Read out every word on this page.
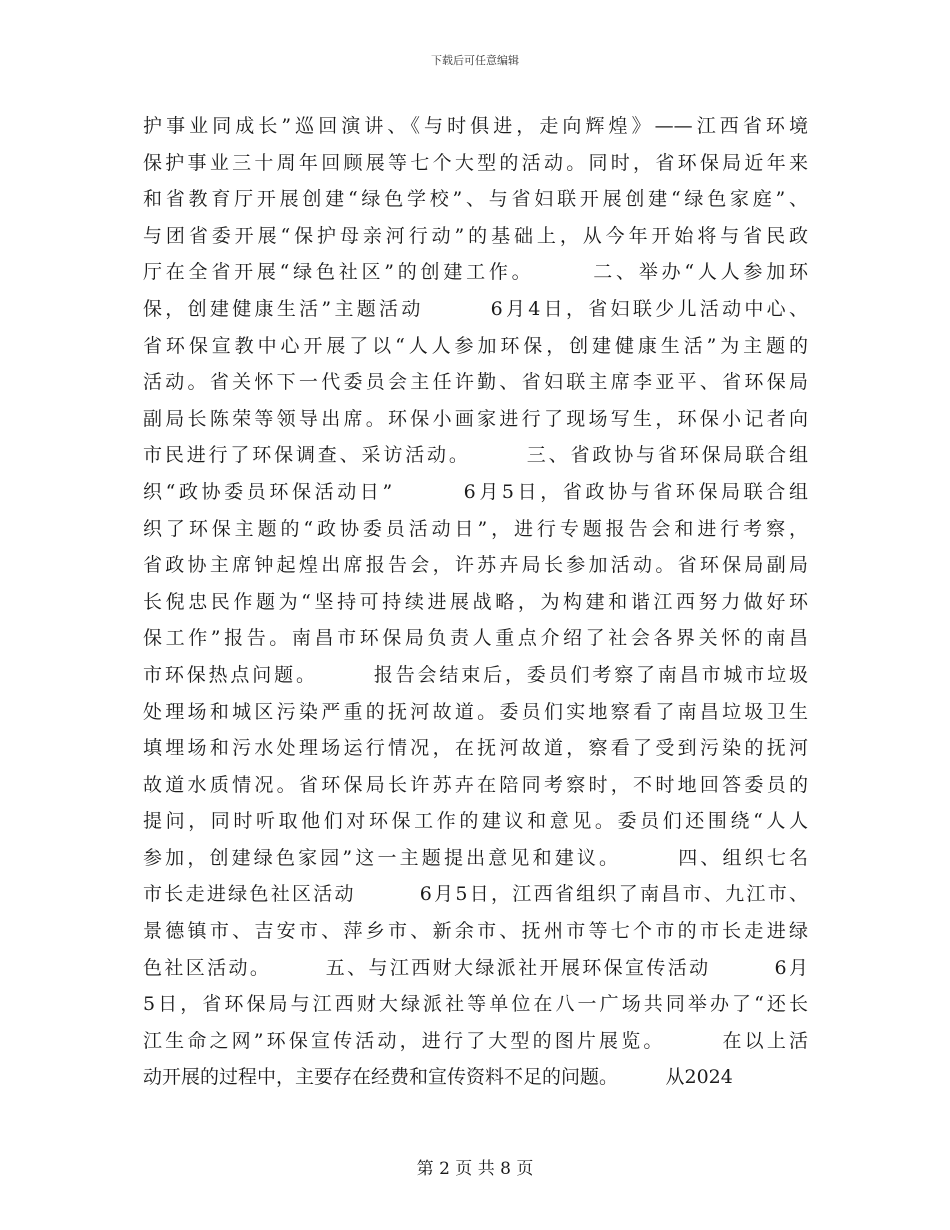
下载后可任意编辑
护事业同成长”巡回演讲、《与时俱进，走向辉煌》——江西省环境
保护事业三十周年回顾展等七个大型的活动。同时，省环保局近年来
和省教育厅开展创建“绿色学校”、与省妇联开展创建“绿色家庭”、
与团省委开展“保护母亲河行动”的基础上，从今年开始将与省民政
厅在全省开展“绿色社区”的创建工作。　　　二、举办“人人参加环
保，创建健康生活”主题活动　　　6月4日，省妇联少儿活动中心、
省环保宣教中心开展了以“人人参加环保，创建健康生活”为主题的
活动。省关怀下一代委员会主任许勤、省妇联主席李亚平、省环保局
副局长陈荣等领导出席。环保小画家进行了现场写生，环保小记者向
市民进行了环保调查、采访活动。　　　三、省政协与省环保局联合组
织“政协委员环保活动日”　　　6月5日，省政协与省环保局联合组
织了环保主题的“政协委员活动日”，进行专题报告会和进行考察，
省政协主席钟起煌出席报告会，许苏卉局长参加活动。省环保局副局
长倪忠民作题为“坚持可持续进展战略，为构建和谐江西努力做好环
保工作”报告。南昌市环保局负责人重点介绍了社会各界关怀的南昌
市环保热点问题。　　　报告会结束后，委员们考察了南昌市城市垃圾
处理场和城区污染严重的抚河故道。委员们实地察看了南昌垃圾卫生
填埋场和污水处理场运行情况，在抚河故道，察看了受到污染的抚河
故道水质情况。省环保局长许苏卉在陪同考察时，不时地回答委员的
提问，同时听取他们对环保工作的建议和意见。委员们还围绕“人人
参加，创建绿色家园”这一主题提出意见和建议。　　　四、组织七名
市长走进绿色社区活动　　　6月5日，江西省组织了南昌市、九江市、
景德镇市、吉安市、萍乡市、新余市、抚州市等七个市的市长走进绿
色社区活动。　　　五、与江西财大绿派社开展环保宣传活动　　　6月
5日，省环保局与江西财大绿派社等单位在八一广场共同举办了“还长
江生命之网”环保宣传活动，进行了大型的图片展览。　　　在以上活
动开展的过程中，主要存在经费和宣传资料不足的问题。　　　从2024
第 2 页 共 8 页
